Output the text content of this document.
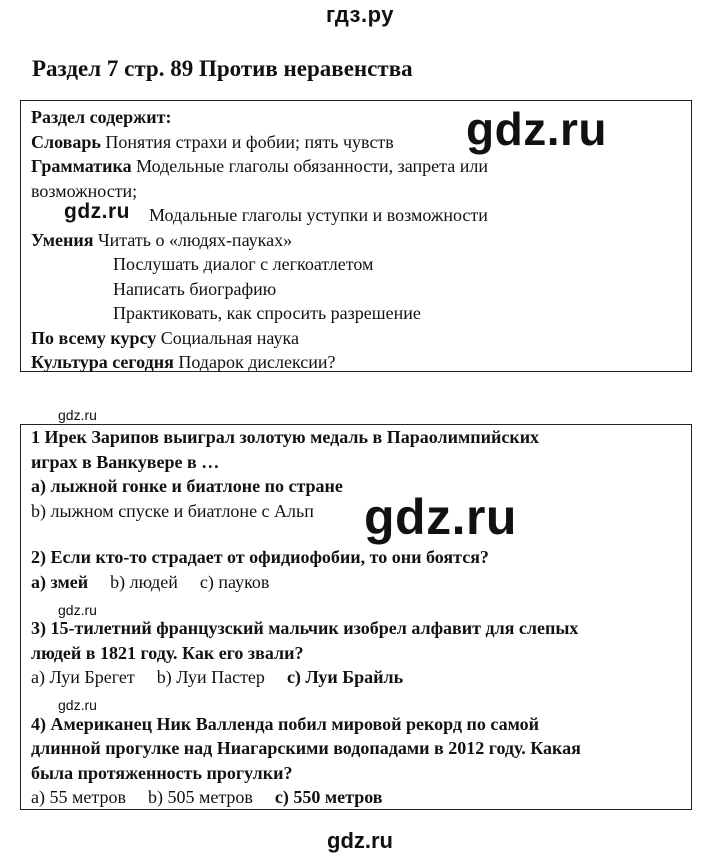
гдз.ру
Раздел 7 стр. 89 Против неравенства
Раздел содержит:
Словарь Понятия страхи и фобии; пять чувств
Грамматика Модельные глаголы обязанности, запрета или
возможности;
Модальные глаголы уступки и возможности
Умения Читать о «людях-пауках»
Послушать диалог с легкоатлетом
Написать биографию
Практиковать, как спросить разрешение
По всему курсу Социальная наука
Культура сегодня Подарок дислексии?
1 Ирек Зарипов выиграл золотую медаль в Параолимпийских
играх в Ванкувере в …
а) лыжной гонке и биатлоне по стране
b) лыжном спуске и биатлоне с Альп
2) Если кто-то страдает от офидиофобии, то они боятся?
а) змей b) людей с) пауков
3) 15-тилетний французский мальчик изобрел алфавит для слепых
людей в 1821 году. Как его звали?
а) Луи Брегет b) Луи Пастер с) Луи Брайль
4) Американец Ник Валленда побил мировой рекорд по самой
длинной прогулке над Ниагарскими водопадами в 2012 году. Какая
была протяженность прогулки?
а) 55 метров b) 505 метров с) 550 метров
gdz.ru
gdz.ru
gdz.ru
gdz.ru
gdz.ru
gdz.ru
gdz.ru
